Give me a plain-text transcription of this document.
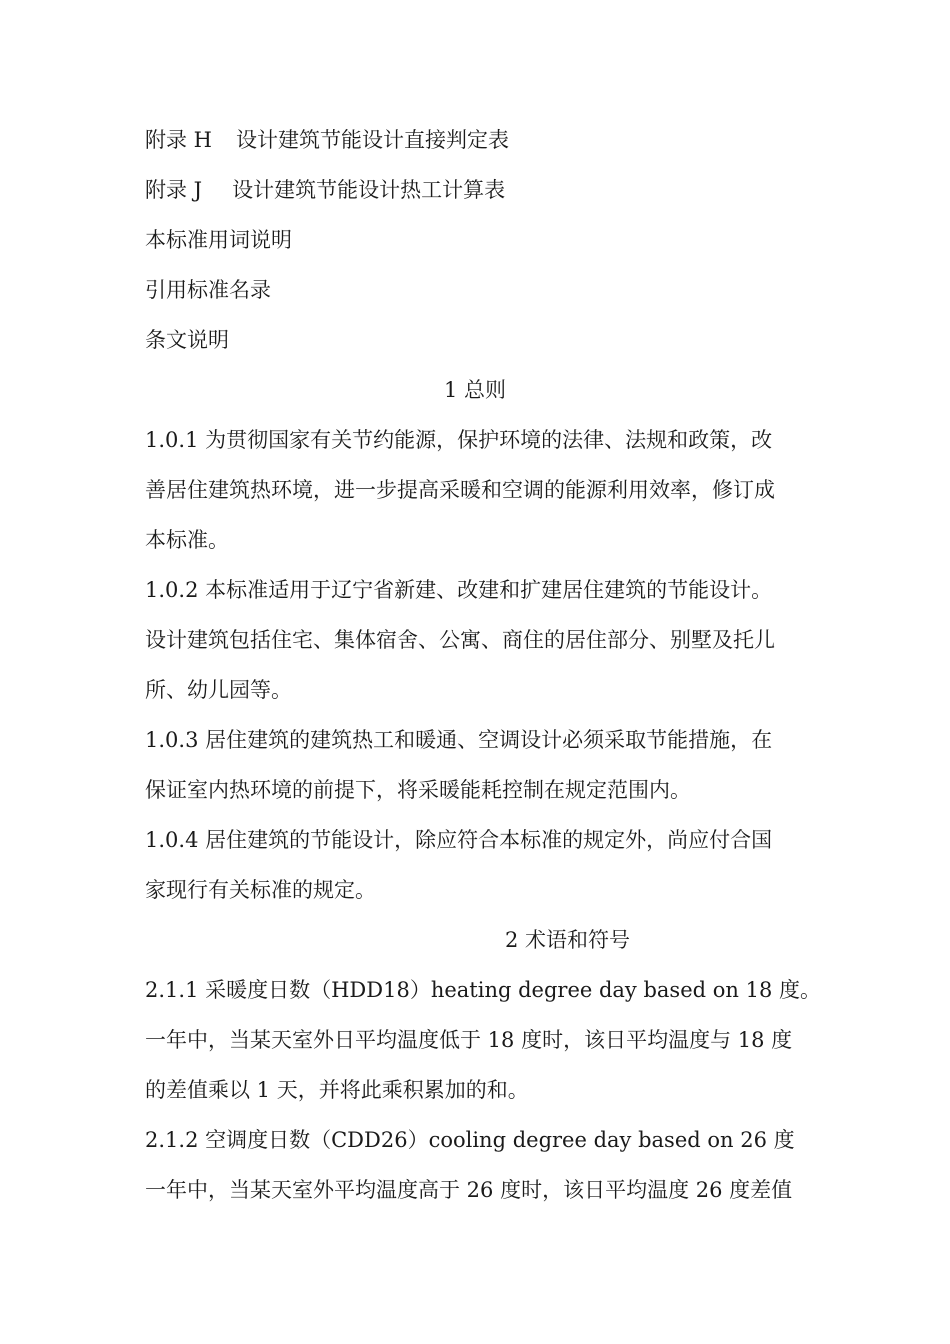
附录 H 设计建筑节能设计直接判定表
附录 J 设计建筑节能设计热工计算表
本标准用词说明
引用标准名录
条文说明
1 总则
1.0.1 为贯彻国家有关节约能源，保护环境的法律、法规和政策，改
善居住建筑热环境，进一步提高采暖和空调的能源利用效率，修订成
本标准。
1.0.2 本标准适用于辽宁省新建、改建和扩建居住建筑的节能设计。
设计建筑包括住宅、集体宿舍、公寓、商住的居住部分、别墅及托儿
所、幼儿园等。
1.0.3 居住建筑的建筑热工和暖通、空调设计必须采取节能措施，在
保证室内热环境的前提下，将采暖能耗控制在规定范围内。
1.0.4 居住建筑的节能设计，除应符合本标准的规定外，尚应付合国
家现行有关标准的规定。
2 术语和符号
2.1.1 采暖度日数（HDD18）heating degree day based on 18 度。
一年中，当某天室外日平均温度低于 18 度时，该日平均温度与 18 度
的差值乘以 1 天，并将此乘积累加的和。
2.1.2 空调度日数（CDD26）cooling degree day based on 26 度
一年中，当某天室外平均温度高于 26 度时，该日平均温度 26 度差值
